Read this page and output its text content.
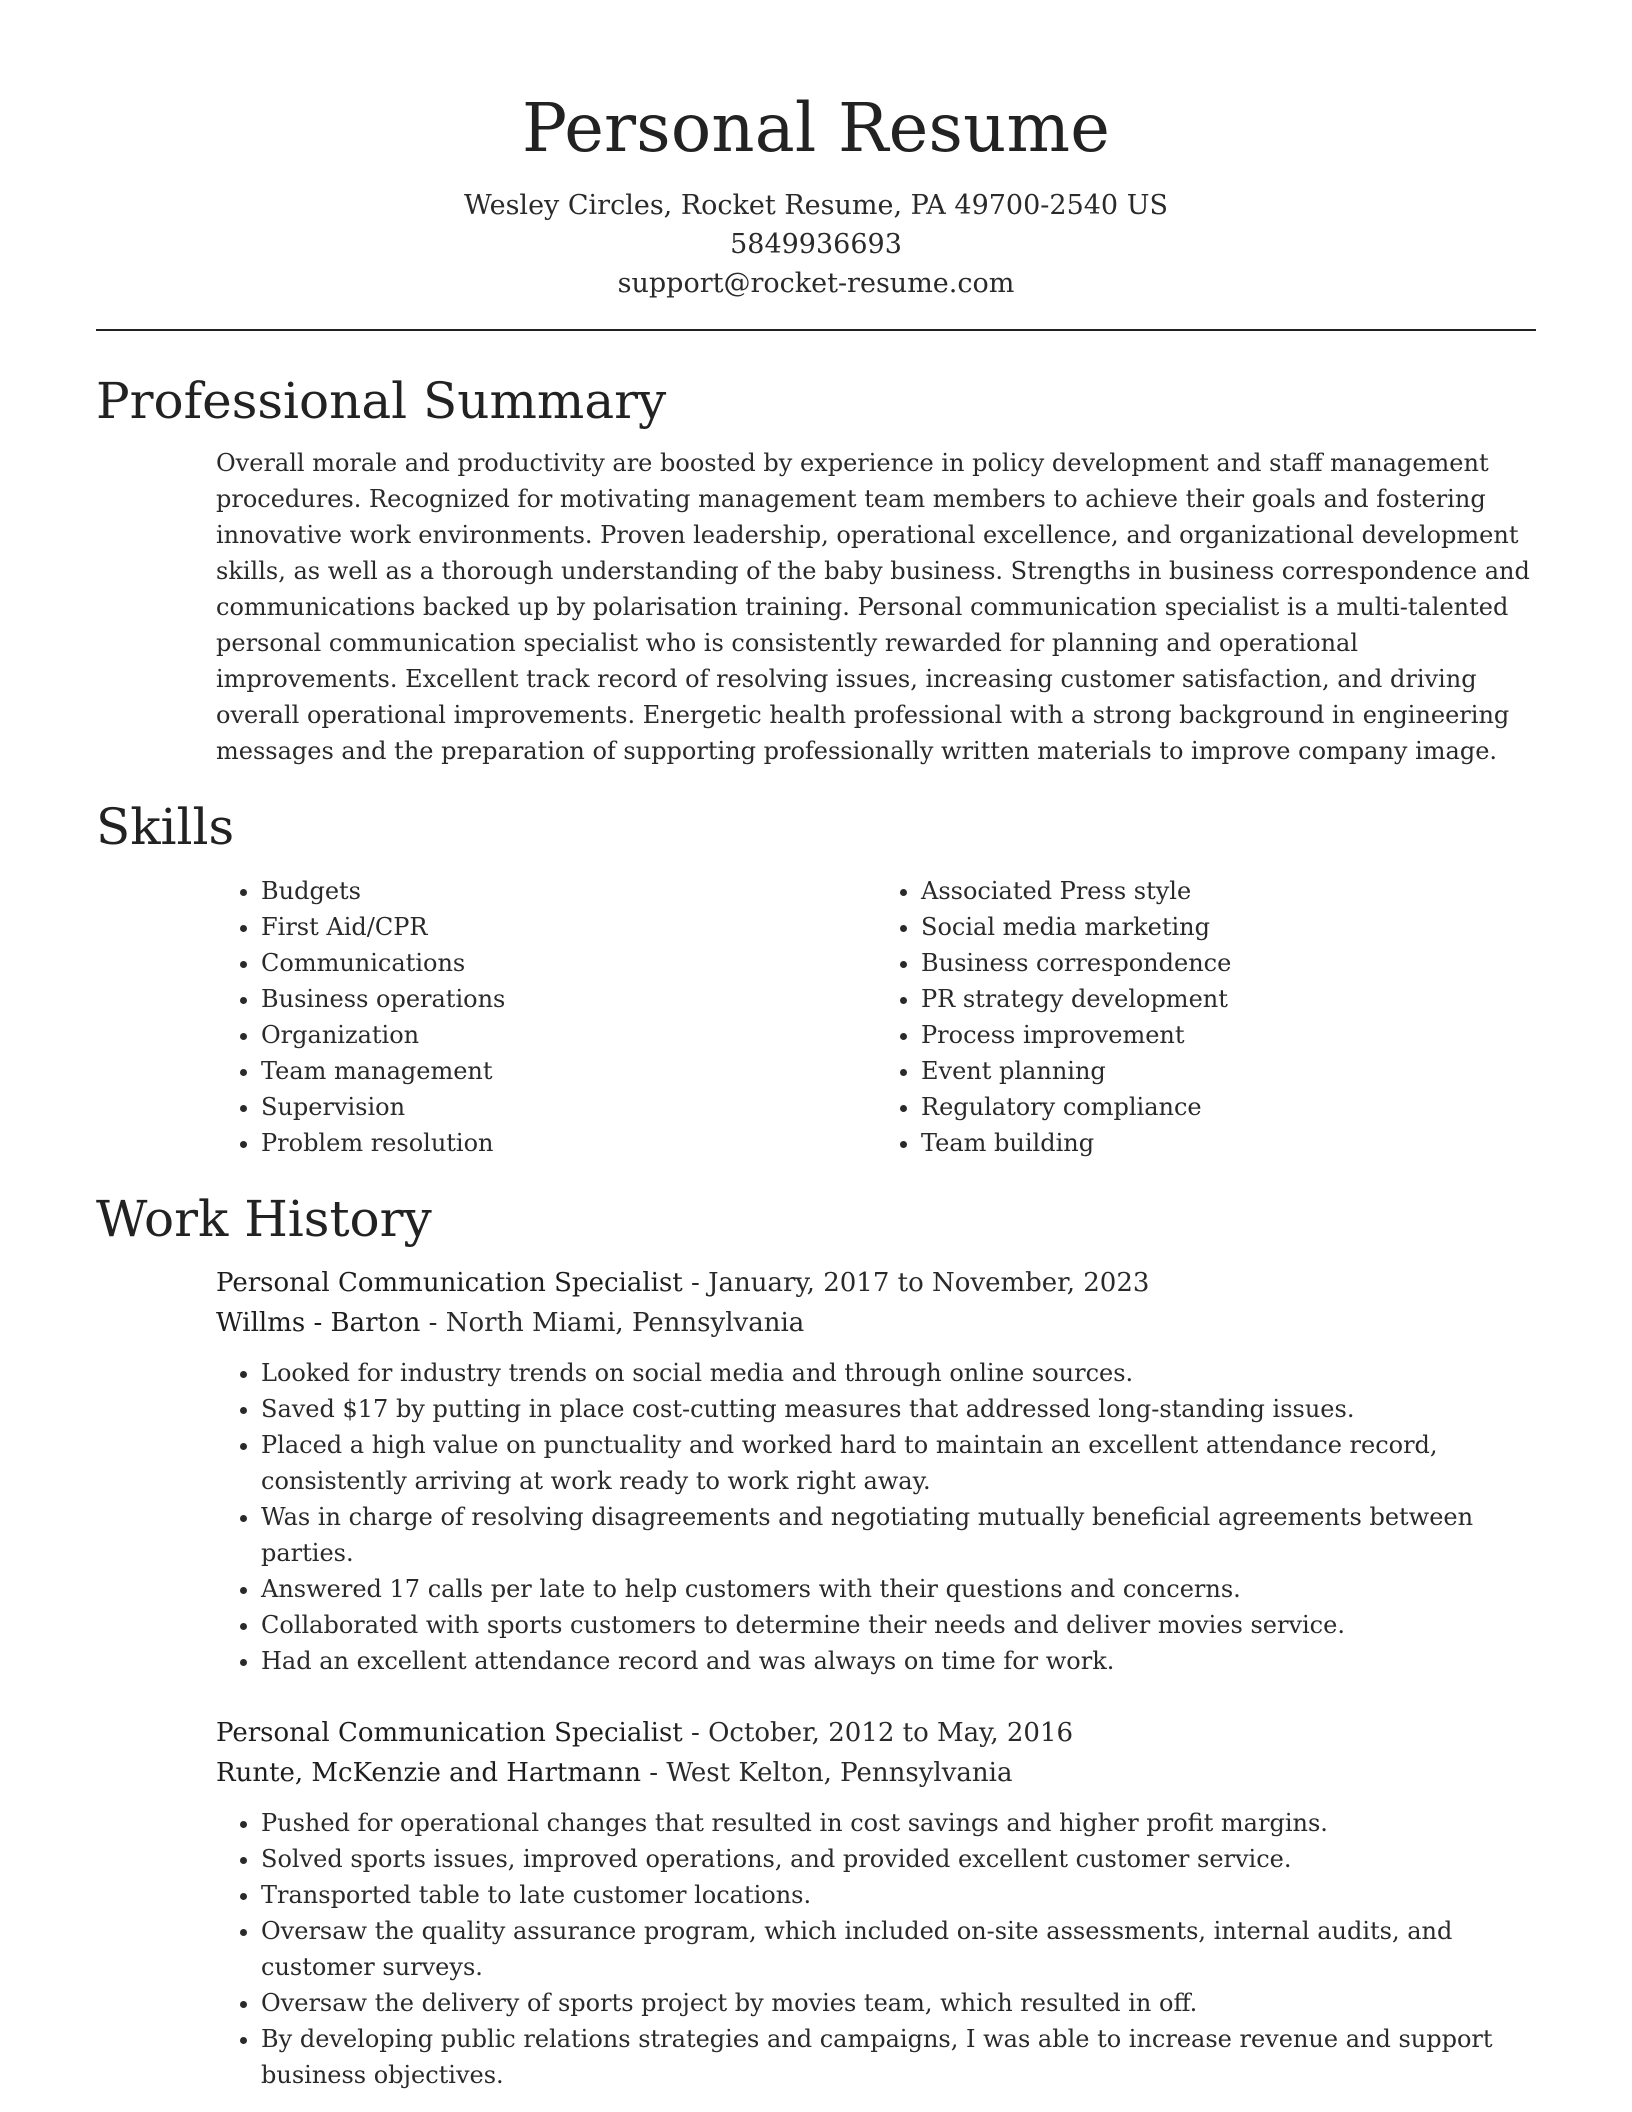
Personal Resume
Wesley Circles, Rocket Resume, PA 49700-2540 US
5849936693
support@rocket-resume.com
Professional Summary

Overall morale and productivity are boosted by experience in policy development and staff management procedures. Recognized for motivating management team members to achieve their goals and fostering innovative work environments. Proven leadership, operational excellence, and organizational development skills, as well as a thorough understanding of the baby business. Strengths in business correspondence and communications backed up by polarisation training. Personal communication specialist is a multi-talented personal communication specialist who is consistently rewarded for planning and operational improvements. Excellent track record of resolving issues, increasing customer satisfaction, and driving overall operational improvements. Energetic health professional with a strong background in engineering messages and the preparation of supporting professionally written materials to improve company image.

Skills
• Budgets
• First Aid/CPR
• Communications
• Business operations
• Organization
• Team management
• Supervision
• Problem resolution
• Associated Press style
• Social media marketing
• Business correspondence
• PR strategy development
• Process improvement
• Event planning
• Regulatory compliance
• Team building
Work History
Personal Communication Specialist - January, 2017 to November, 2023
Willms - Barton - North Miami, Pennsylvania
• Looked for industry trends on social media and through online sources.
• Saved $17 by putting in place cost-cutting measures that addressed long-standing issues.
• Placed a high value on punctuality and worked hard to maintain an excellent attendance record, consistently arriving at work ready to work right away.
• Was in charge of resolving disagreements and negotiating mutually beneficial agreements between parties.
• Answered 17 calls per late to help customers with their questions and concerns.
• Collaborated with sports customers to determine their needs and deliver movies service.
• Had an excellent attendance record and was always on time for work.
Personal Communication Specialist - October, 2012 to May, 2016
Runte, McKenzie and Hartmann - West Kelton, Pennsylvania
• Pushed for operational changes that resulted in cost savings and higher profit margins.
• Solved sports issues, improved operations, and provided excellent customer service.
• Transported table to late customer locations.
• Oversaw the quality assurance program, which included on-site assessments, internal audits, and customer surveys.
• Oversaw the delivery of sports project by movies team, which resulted in off.
• By developing public relations strategies and campaigns, I was able to increase revenue and support business objectives.
